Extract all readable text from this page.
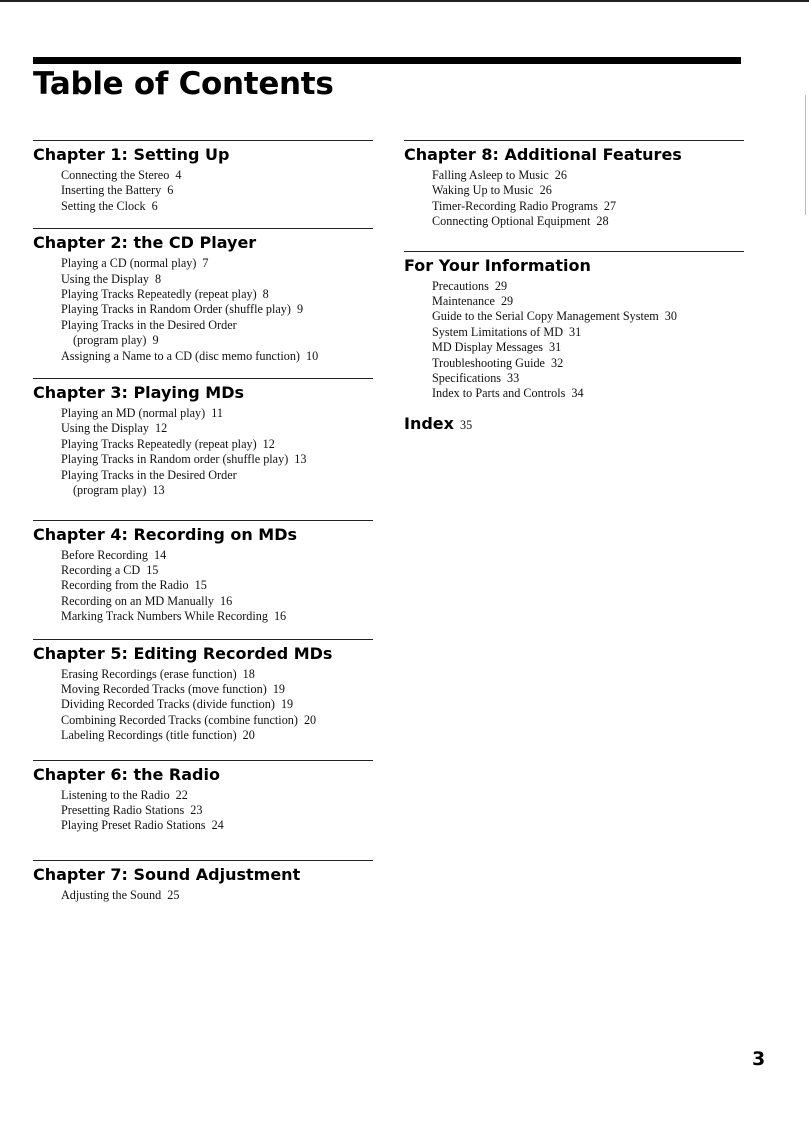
Table of Contents
Chapter 1: Setting Up
Connecting the Stereo 4
Inserting the Battery 6
Setting the Clock 6
Chapter 2: the CD Player
Playing a CD (normal play) 7
Using the Display 8
Playing Tracks Repeatedly (repeat play) 8
Playing Tracks in Random Order (shuffle play) 9
Playing Tracks in the Desired Order
(program play) 9
Assigning a Name to a CD (disc memo function) 10
Chapter 3: Playing MDs
Playing an MD (normal play) 11
Using the Display 12
Playing Tracks Repeatedly (repeat play) 12
Playing Tracks in Random order (shuffle play) 13
Playing Tracks in the Desired Order
(program play) 13
Chapter 4: Recording on MDs
Before Recording 14
Recording a CD 15
Recording from the Radio 15
Recording on an MD Manually 16
Marking Track Numbers While Recording 16
Chapter 5: Editing Recorded MDs
Erasing Recordings (erase function) 18
Moving Recorded Tracks (move function) 19
Dividing Recorded Tracks (divide function) 19
Combining Recorded Tracks (combine function) 20
Labeling Recordings (title function) 20
Chapter 6: the Radio
Listening to the Radio 22
Presetting Radio Stations 23
Playing Preset Radio Stations 24
Chapter 7: Sound Adjustment
Adjusting the Sound 25
Chapter 8: Additional Features
Falling Asleep to Music 26
Waking Up to Music 26
Timer-Recording Radio Programs 27
Connecting Optional Equipment 28
For Your Information
Precautions 29
Maintenance 29
Guide to the Serial Copy Management System 30
System Limitations of MD 31
MD Display Messages 31
Troubleshooting Guide 32
Specifications 33
Index to Parts and Controls 34
Index 35
3
